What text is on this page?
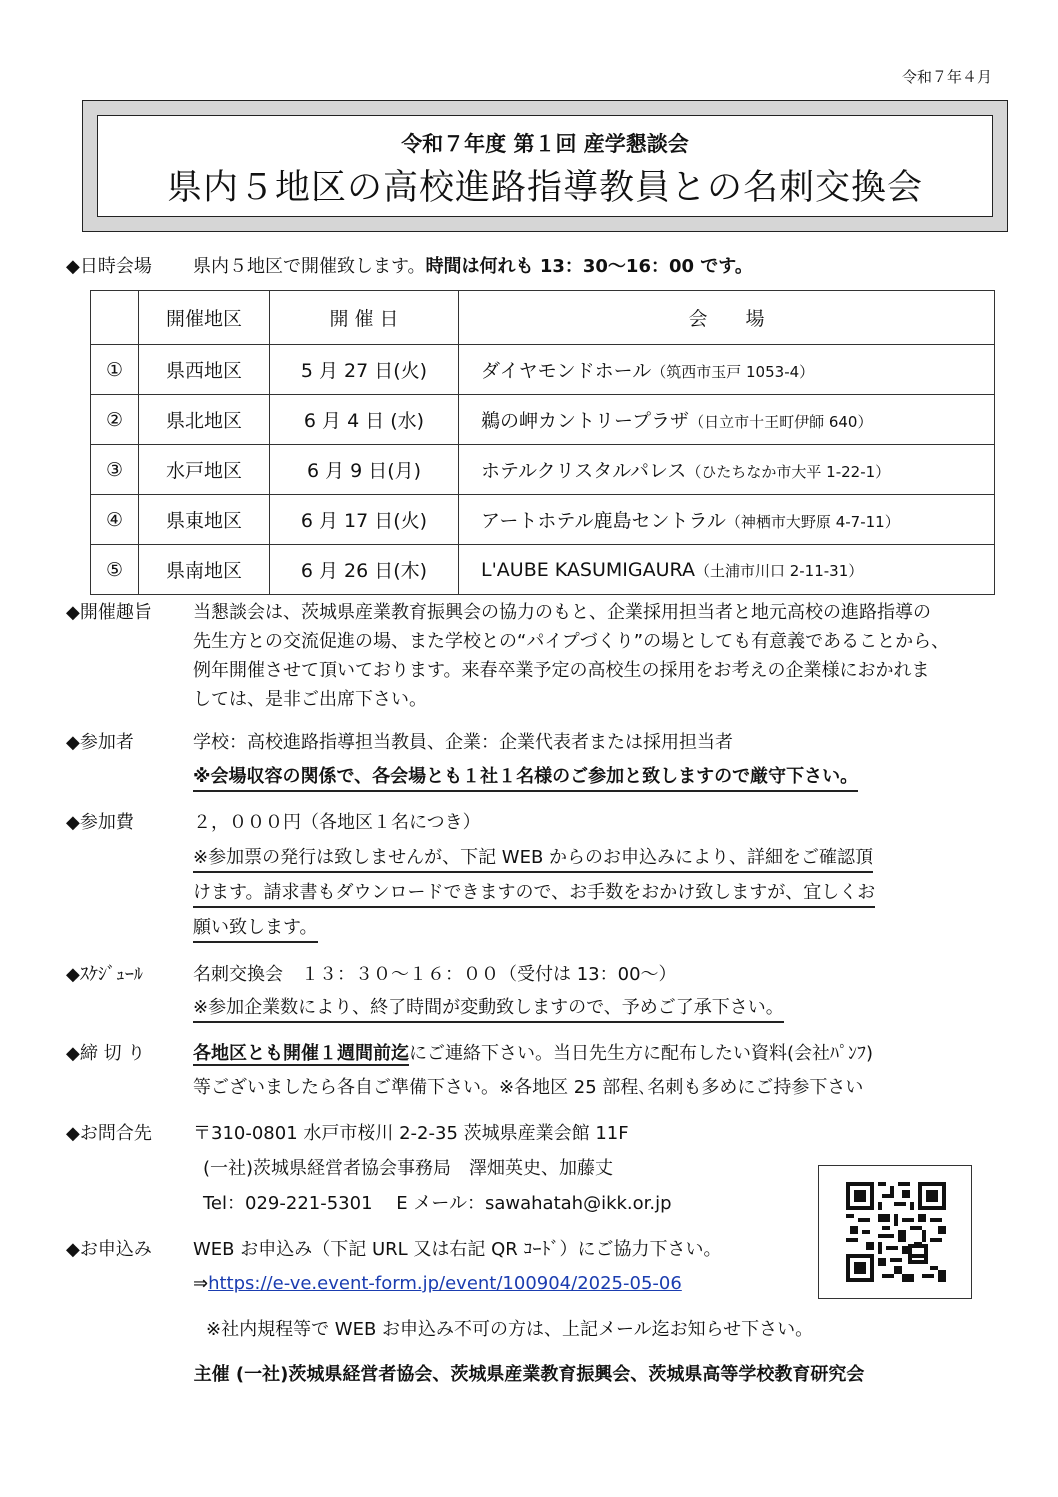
令和７年４月
令和７年度 第１回 産学懇談会
県内５地区の高校進路指導教員との名刺交換会
◆日時会場 県内５地区で開催致します。時間は何れも 13：30～16：00 です。
	開催地区	開 催 日	会　　場
①	県西地区	5 月 27 日(火)	ダイヤモンドホール（筑西市玉戸 1053-4）
②	県北地区	6 月 4 日 (水)	鵜の岬カントリープラザ（日立市十王町伊師 640）
③	水戸地区	6 月 9 日(月)	ホテルクリスタルパレス（ひたちなか市大平 1-22-1）
④	県東地区	6 月 17 日(火)	アートホテル鹿島セントラル（神栖市大野原 4-7-11）
⑤	県南地区	6 月 26 日(木)	L'AUBE KASUMIGAURA（土浦市川口 2-11-31）
◆開催趣旨 当懇談会は、茨城県産業教育振興会の協力のもと、企業採用担当者と地元高校の進路指導の
先生方との交流促進の場、また学校との“パイプづくり”の場としても有意義であることから、
例年開催させて頂いております。来春卒業予定の高校生の採用をお考えの企業様におかれま
しては、是非ご出席下さい。
◆参加者	学校：高校進路指導担当教員、企業：企業代表者または採用担当者
※会場収容の関係で、各会場とも１社１名様のご参加と致しますので厳守下さい。
◆参加費	２，０００円（各地区１名につき）
※参加票の発行は致しませんが、下記 WEB からのお申込みにより、詳細をご確認頂
けます。請求書もダウンロードできますので、お手数をおかけ致しますが、宜しくお
願い致します。
◆ｽｹｼﾞｭｰﾙ	名刺交換会　１３：３０～１６：００（受付は 13：00～）
※参加企業数により、終了時間が変動致しますので、予めご了承下さい。
◆締 切 り	各地区とも開催１週間前迄にご連絡下さい。当日先生方に配布したい資料(会社ﾊﾟﾝﾌ)
等ございましたら各自ご準備下さい。※各地区 25 部程､名刺も多めにご持参下さい
◆お問合先 〒310-0801 水戸市桜川 2-2-35 茨城県産業会館 11F
(一社)茨城県経営者協会事務局　澤畑英史、加藤丈
Tel：029-221-5301　 E メール：sawahatah@ikk.or.jp
◆お申込み WEB お申込み（下記 URL 又は右記 QR ｺｰﾄﾞ）にご協力下さい。
⇒https://e-ve.event-form.jp/event/100904/2025-05-06
※社内規程等で WEB お申込み不可の方は、上記メール迄お知らせ下さい。
主催 (一社)茨城県経営者協会、茨城県産業教育振興会、茨城県高等学校教育研究会
